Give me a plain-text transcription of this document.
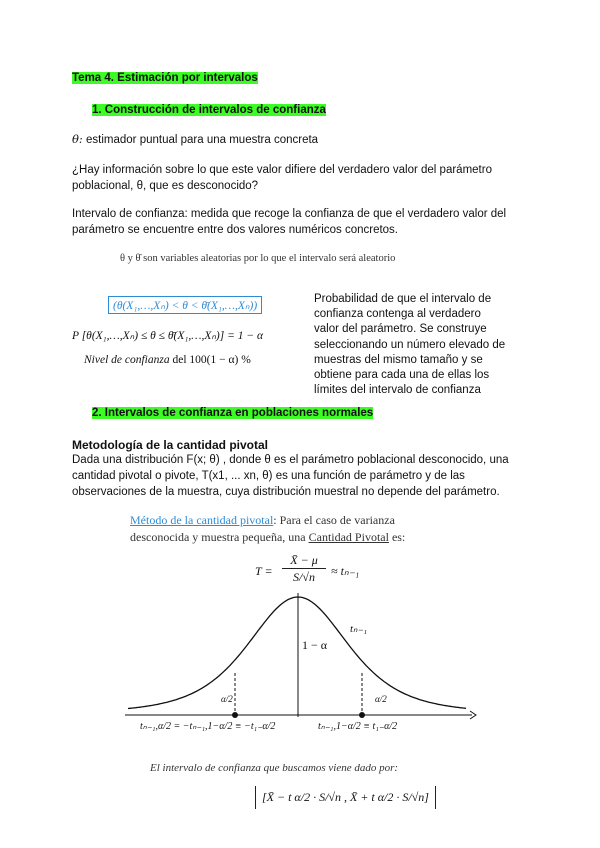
Tema 4. Estimación por intervalos
1. Construcción de intervalos de confianza
θ: estimador puntual para una muestra concreta
¿Hay información sobre lo que este valor difiere del verdadero valor del parámetro
poblacional, θ, que es desconocido?
Intervalo de confianza: medida que recoge la confianza de que el verdadero valor del
parámetro se encuentre entre dos valores numéricos concretos.
θ y θ̄ son variables aleatorias por lo que el intervalo será aleatorio
(θ(X₁,…,Xₙ) < θ < θ̄(X₁,…,Xₙ))
P [θ(X₁,…,Xₙ) ≤ θ ≤ θ̄(X₁,…,Xₙ)] = 1 − α
Nivel de confianza del 100(1 − α) %
Probabilidad de que el intervalo de
confianza contenga al verdadero
valor del parámetro. Se construye
seleccionando un número elevado de
muestras del mismo tamaño y se
obtiene para cada una de ellas los
límites del intervalo de confianza
2. Intervalos de confianza en poblaciones normales
Metodología de la cantidad pivotal
Dada una distribución F(x; θ) , donde θ es el parámetro poblacional desconocido, una
cantidad pivotal o pivote, T(x1, ... xn, θ) es una función de parámetro y de las
observaciones de la muestra, cuya distribución muestral no depende del parámetro.
Método de la cantidad pivotal: Para el caso de varianza
desconocida y muestra pequeña, una Cantidad Pivotal es:
T =
X̄ − μ
S/√n	≈ tₙ₋₁
tₙ₋₁
1 − α
α/2	α/2
tₙ₋₁,α/2 = −tₙ₋₁,1−α/2 ≡ −t₁₋α/2	tₙ₋₁,1−α/2 ≡ t₁₋α/2
El intervalo de confianza que buscamos viene dado por:
[X̄ − t α/2 · S/√n , X̄ + t α/2 · S/√n]
